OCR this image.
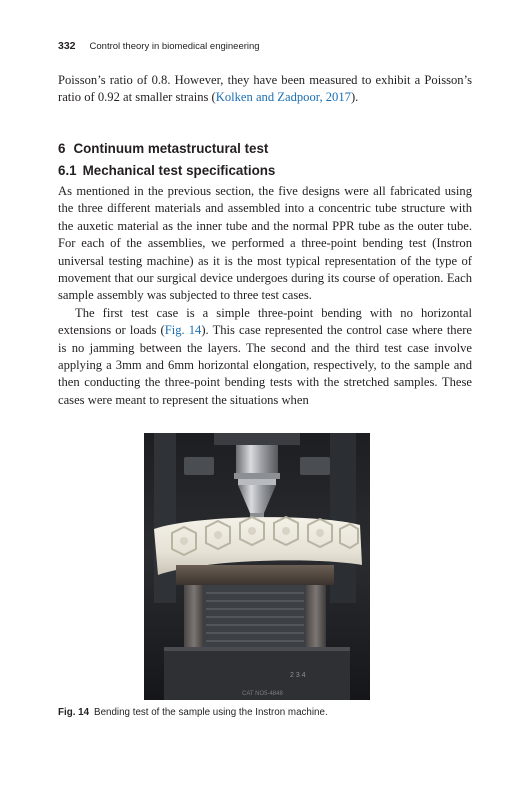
332 Control theory in biomedical engineering

Poisson’s ratio of 0.8. However, they have been measured to exhibit a Poisson’s ratio of 0.92 at smaller strains (Kolken and Zadpoor, 2017).

6 Continuum metastructural test
6.1 Mechanical test specifications

As mentioned in the previous section, the five designs were all fabricated using the three different materials and assembled into a concentric tube structure with the auxetic material as the inner tube and the normal PPR tube as the outer tube. For each of the assemblies, we performed a three-point bending test (Instron universal testing machine) as it is the most typical representation of the type of movement that our surgical device undergoes during its course of operation. Each sample assembly was subjected to three test cases.

The first test case is a simple three-point bending with no horizontal extensions or loads (Fig. 14). This case represented the control case where there is no jamming between the layers. The second and the third test case involve applying a 3mm and 6mm horizontal elongation, respectively, to the sample and then conducting the three-point bending tests with the stretched samples. These cases were meant to represent the situations when

2 3 4
CAT NO5-4848
Fig. 14 Bending test of the sample using the Instron machine.
